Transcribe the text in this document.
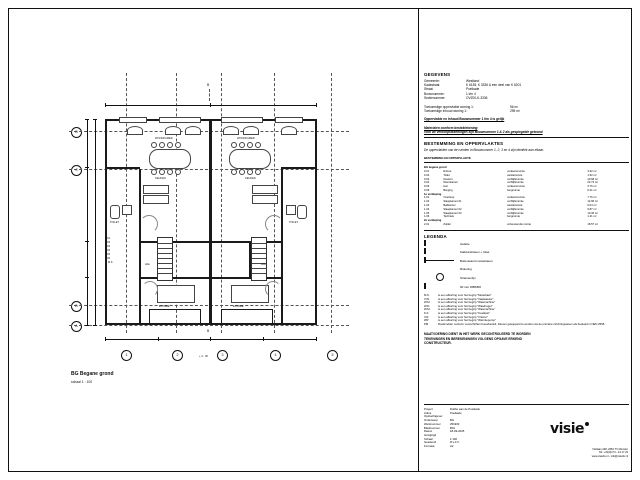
D
C
B
A
1	2	3	4	5
B
B
0.01
0.02
0.03
0.04
0.05
0.06
M.K.
KEUKEN
WOONKAMER
HAL
TOILET
ENTREE
KEUKEN
WOONKAMER
HAL
TOILET
ENTREE
+ 4 - 35
BG Begane grond
schaal 1 : 100
GEGEVENS
Gemeente:	Westland
Kadastraal:	K 6138, K 3336 & een deel van K 6201
Straat:	Poelkade
Bouwnummer:	1 t/m 4
Sectienummer:	OVZ00-K-3336
Toekomstige oppervlakte woning 1:	96 m²
Toekomstige inhoud woning 1:	295 m³
Oppervlakte en Inhoud Bouwnummer 1 t/m 4 is gelijk
Materialen conform bestektekening
Voor de verkoopstekeningen zijn Bouwnummer 1 & 2 als gespiegelde getoond
BESTEMMING EN OPPERVLAKTES
De oppervlakten van de ruimten in Bouwnummer 1, 2, 3 en 4 zijn identiek aan elkaar.
BESTEMMING EN OPPERVLAKTE
BG begane grond			
0.01	Entree	verkeersruimte	3.32 m²
0.02	Toilet	sanitairuimte	1.52 m²
0.03	Keuken	verblijfsruimte	10.68 m²
0.04	Woonkamer	verblijfsruimte	22.74 m²
0.05	Hal	verkeersruimte	3.76 m²
0.06	Berging	bergruimte	6.21 m²
1e verdieping			
1.01	Overloop	verkeersruimte	7.76 m²
1.02	Slaapkamer 01	verblijfsruimte	12.96 m²
1.03	Badkamer	sanitairuimte	6.04 m²
1.04	Slaapkamer 02	verblijfsruimte	9.87 m²
1.05	Slaapkamer 03	verblijfsruimte	10.36 m²
1.06	Techniek	bergruimte	1.41 m²
2e verdieping			
2.01	Zolder	onbenoemde ruimte	18.57 m²
LEGENDA
Isolatie
Kalkzandsteen + Glas
Buitenwand metselsteen
Riolering
Stramienlijn
60 min WBDBO
M.K.	is een afkorting voor het begrip "Meterkast"
V.W.	is een afkorting voor het begrip "Vaatwasser"
W.M.	is een afkorting voor het begrip "Wasmachine"
W.D.	is een afkorting voor het begrip "Wasdroger"
W.M.	is een afkorting voor het begrip "Wasmachine"
K.K.	is een afkorting voor het begrip "Koelkast"
V.R.	is een afkorting voor het begrip "Vriezer"
WP	is een afkorting voor het begrip "Warmtepomp"
PM	Rookmelder conform voorschriften bouwbesluit. Dienen gekoppeld te worden via de primaire inrichtingseisen als bedoeld in NEN 2555.
MAATVOERING DIENT IN HET WERK GECONTROLEERD TE WORDEN
TEKENINGEN EN BEREKENINGEN VOLGENS OPGAVE ERKEND
CONSTRUCTEUR.
Project	Dubbe aan de Poelkade
Adres	Poelkade
Opdrachtgever
Onderwerp	BG
Werknummer	251903
Bladnummer	B01
Datum	18-09-2025
Gewijzigd
Schaal	1:100
Getekend	R.v.d.V.
Formaat	A2
visie
Vlotlaan 248, 2681 TV Monster
Tel: +31(0)174 - 44 17 23
www.visiebv.nl - info@visiebv.nl
